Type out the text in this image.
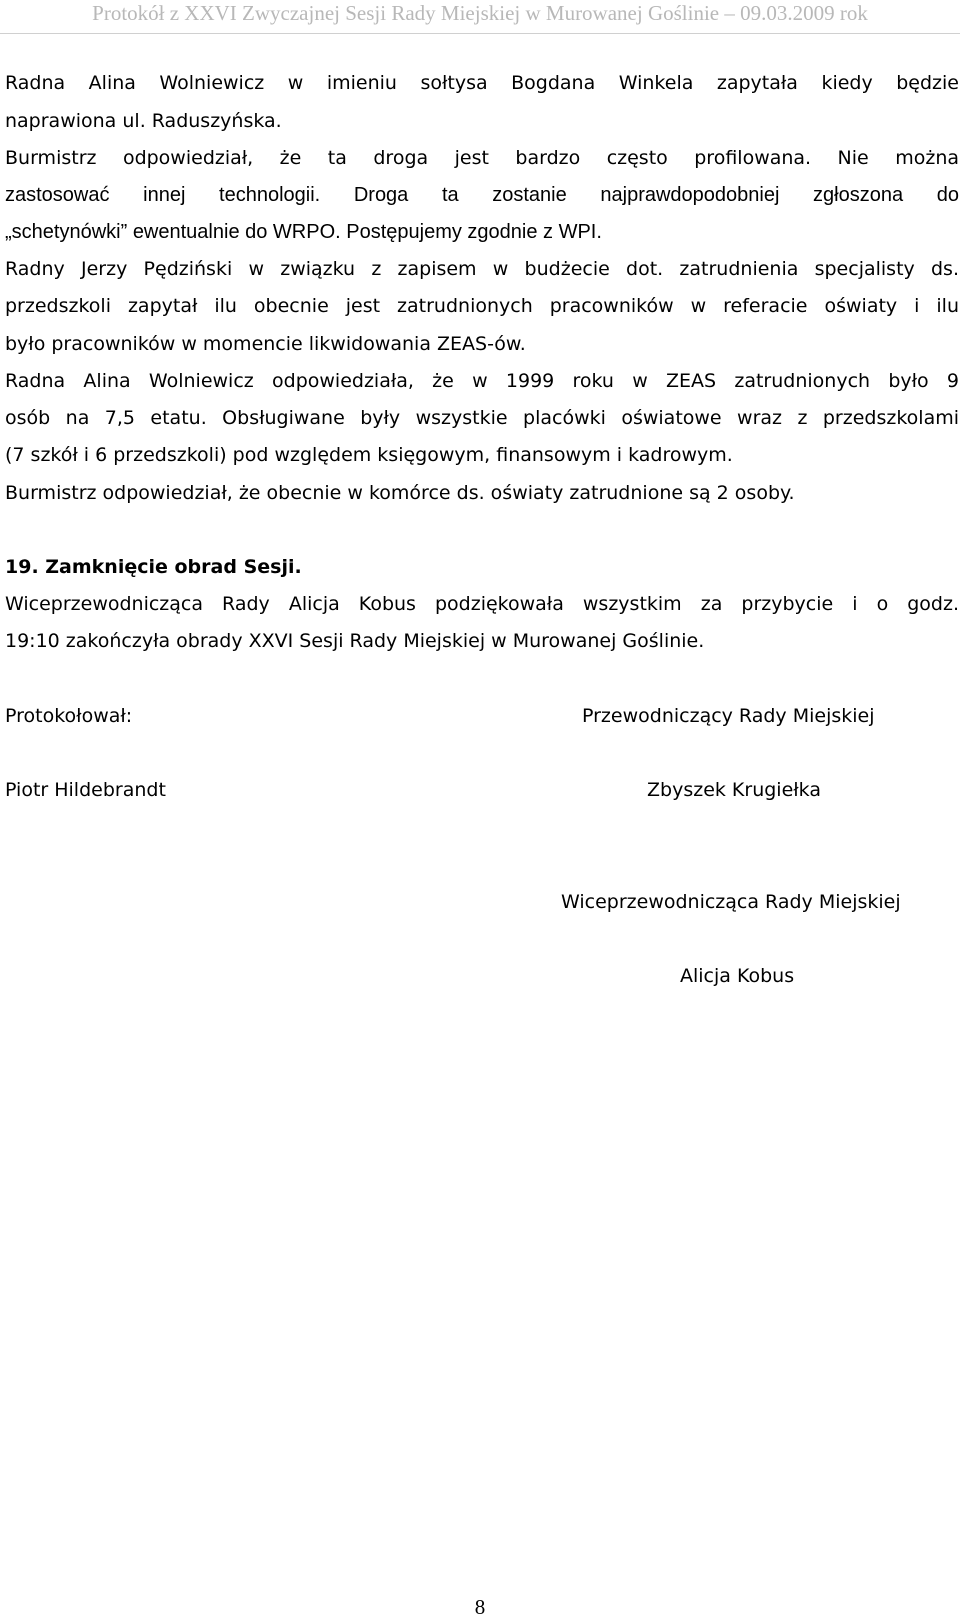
Protokół z XXVI Zwyczajnej Sesji Rady Miejskiej w Murowanej Goślinie – 09.03.2009 rok
Radna Alina Wolniewicz w imieniu sołtysa Bogdana Winkela zapytała kiedy będzie
naprawiona ul. Raduszyńska.
Burmistrz odpowiedział, że ta droga jest bardzo często profilowana. Nie można
zastosować innej technologii. Droga ta zostanie najprawdopodobniej zgłoszona do
„schetynówki” ewentualnie do WRPO. Postępujemy zgodnie z WPI.
Radny Jerzy Pędziński w związku z zapisem w budżecie dot. zatrudnienia specjalisty ds.
przedszkoli zapytał ilu obecnie jest zatrudnionych pracowników w referacie oświaty i ilu
było pracowników w momencie likwidowania ZEAS-ów.
Radna Alina Wolniewicz odpowiedziała, że w 1999 roku w ZEAS zatrudnionych było 9
osób na 7,5 etatu. Obsługiwane były wszystkie placówki oświatowe wraz z przedszkolami
(7 szkół i 6 przedszkoli) pod względem księgowym, finansowym i kadrowym.
Burmistrz odpowiedział, że obecnie w komórce ds. oświaty zatrudnione są 2 osoby.
19. Zamknięcie obrad Sesji.
Wiceprzewodnicząca Rady Alicja Kobus podziękowała wszystkim za przybycie i o godz.
19:10 zakończyła obrady XXVI Sesji Rady Miejskiej w Murowanej Goślinie.
Protokołował:	Przewodniczący Rady Miejskiej
Piotr Hildebrandt	Zbyszek Krugiełka
Wiceprzewodnicząca Rady Miejskiej
Alicja Kobus
8
